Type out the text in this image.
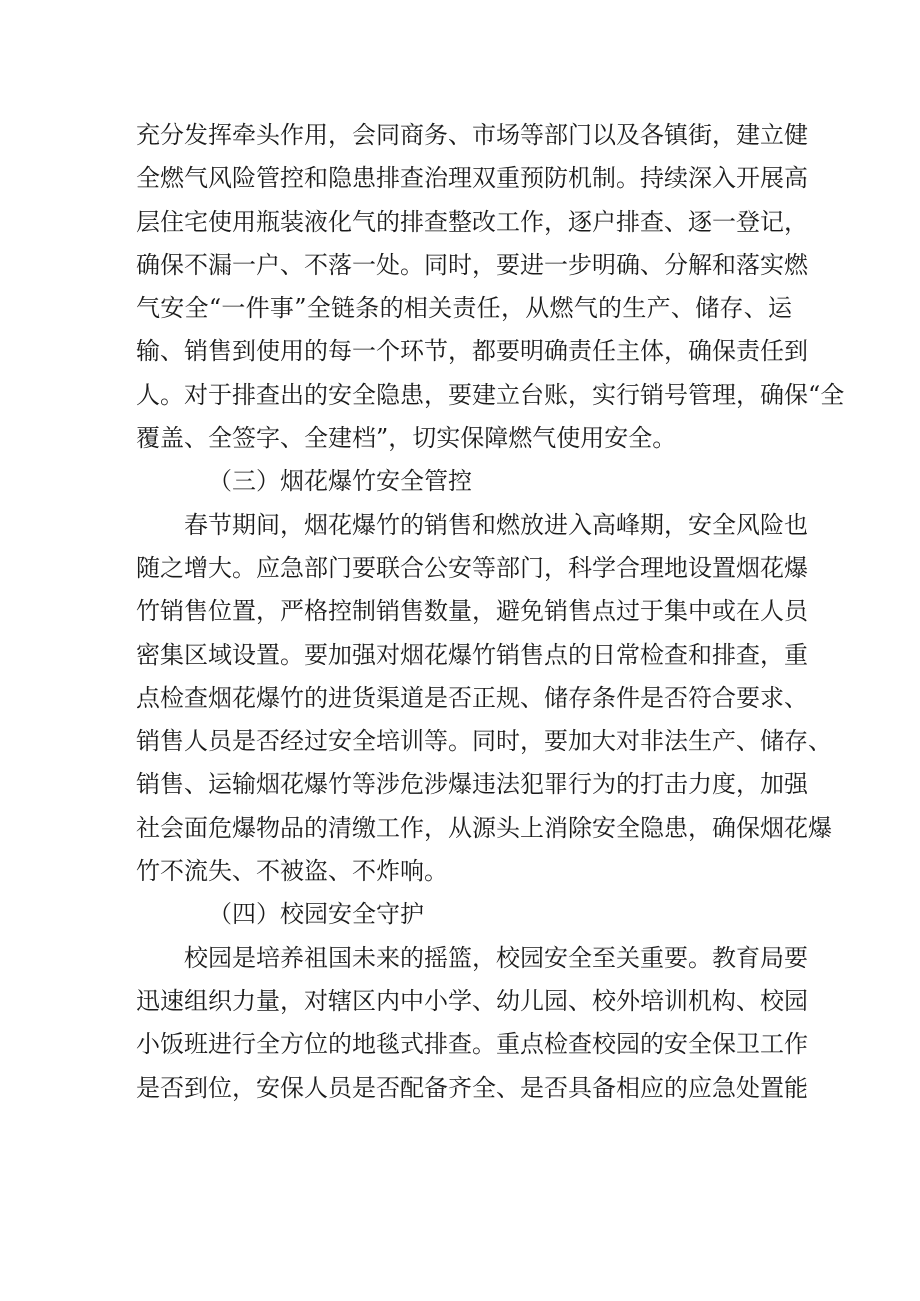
充分发挥牵头作用，会同商务、市场等部门以及各镇街，建立健
全燃气风险管控和隐患排查治理双重预防机制。持续深入开展高
层住宅使用瓶装液化气的排查整改工作，逐户排查、逐一登记，
确保不漏一户、不落一处。同时，要进一步明确、分解和落实燃
气安全“一件事”全链条的相关责任，从燃气的生产、储存、运
输、销售到使用的每一个环节，都要明确责任主体，确保责任到
人。对于排查出的安全隐患，要建立台账，实行销号管理，确保“全
覆盖、全签字、全建档”，切实保障燃气使用安全。
（三）烟花爆竹安全管控
春节期间，烟花爆竹的销售和燃放进入高峰期，安全风险也
随之增大。应急部门要联合公安等部门，科学合理地设置烟花爆
竹销售位置，严格控制销售数量，避免销售点过于集中或在人员
密集区域设置。要加强对烟花爆竹销售点的日常检查和排查，重
点检查烟花爆竹的进货渠道是否正规、储存条件是否符合要求、
销售人员是否经过安全培训等。同时，要加大对非法生产、储存、
销售、运输烟花爆竹等涉危涉爆违法犯罪行为的打击力度，加强
社会面危爆物品的清缴工作，从源头上消除安全隐患，确保烟花爆
竹不流失、不被盗、不炸响。
（四）校园安全守护
校园是培养祖国未来的摇篮，校园安全至关重要。教育局要
迅速组织力量，对辖区内中小学、幼儿园、校外培训机构、校园
小饭班进行全方位的地毯式排查。重点检查校园的安全保卫工作
是否到位，安保人员是否配备齐全、是否具备相应的应急处置能
